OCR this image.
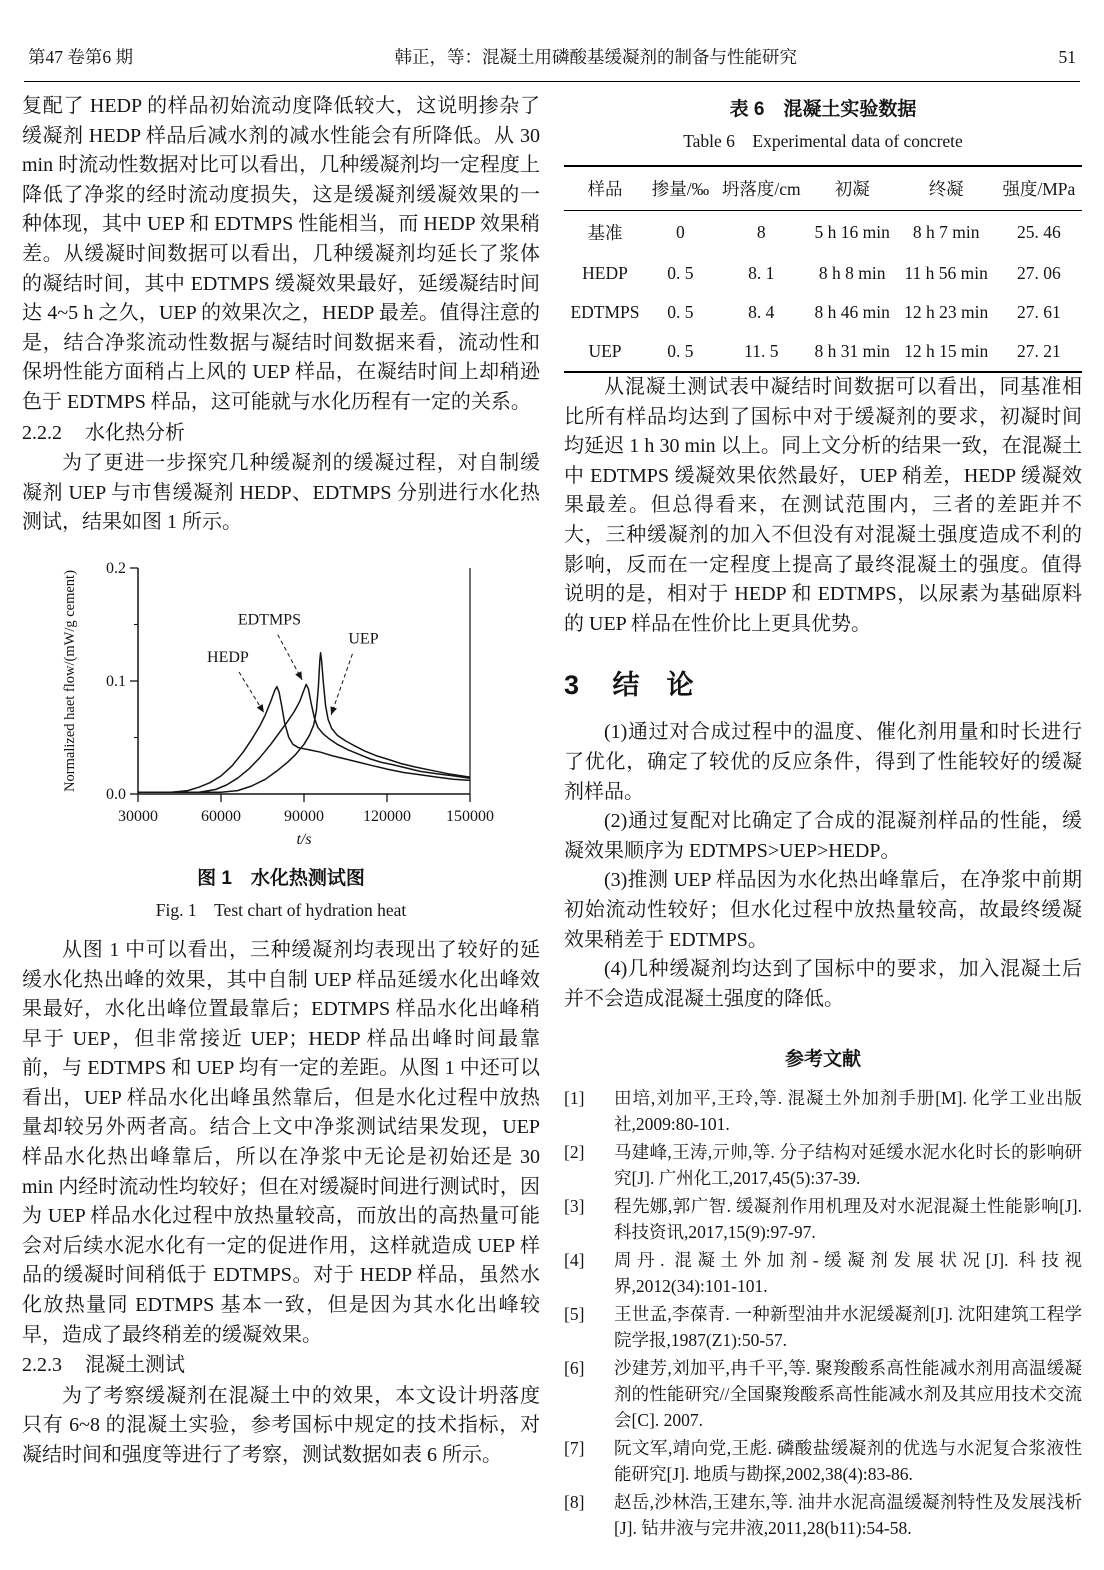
第47 卷第6 期	韩正，等：混凝土用磷酸基缓凝剂的制备与性能研究	51

复配了 HEDP 的样品初始流动度降低较大，这说明掺杂了缓凝剂 HEDP 样品后减水剂的减水性能会有所降低。从 30 min 时流动性数据对比可以看出，几种缓凝剂均一定程度上降低了净浆的经时流动度损失，这是缓凝剂缓凝效果的一种体现，其中 UEP 和 EDTMPS 性能相当，而 HEDP 效果稍差。从缓凝时间数据可以看出，几种缓凝剂均延长了浆体的凝结时间，其中 EDTMPS 缓凝效果最好，延缓凝结时间达 4~5 h 之久，UEP 的效果次之，HEDP 最差。值得注意的是，结合净浆流动性数据与凝结时间数据来看，流动性和保坍性能方面稍占上风的 UEP 样品，在凝结时间上却稍逊色于 EDTMPS 样品，这可能就与水化历程有一定的关系。

2.2.2 水化热分析

为了更进一步探究几种缓凝剂的缓凝过程，对自制缓凝剂 UEP 与市售缓凝剂 HEDP、EDTMPS 分别进行水化热测试，结果如图 1 所示。

0.0
0.1
0.2
30000	60000	90000 120000 150000
t/s
Normalized haet flow/(mW/g cement)	HEDP
EDTMPS
UEP
图 1　水化热测试图
Fig. 1　Test chart of hydration heat

从图 1 中可以看出，三种缓凝剂均表现出了较好的延缓水化热出峰的效果，其中自制 UEP 样品延缓水化出峰效果最好，水化出峰位置最靠后；EDTMPS 样品水化出峰稍早于 UEP，但非常接近 UEP；HEDP 样品出峰时间最靠前，与 EDTMPS 和 UEP 均有一定的差距。从图 1 中还可以看出，UEP 样品水化出峰虽然靠后，但是水化过程中放热量却较另外两者高。结合上文中净浆测试结果发现，UEP 样品水化热出峰靠后，所以在净浆中无论是初始还是 30 min 内经时流动性均较好；但在对缓凝时间进行测试时，因为 UEP 样品水化过程中放热量较高，而放出的高热量可能会对后续水泥水化有一定的促进作用，这样就造成 UEP 样品的缓凝时间稍低于 EDTMPS。对于 HEDP 样品，虽然水化放热量同 EDTMPS 基本一致，但是因为其水化出峰较早，造成了最终稍差的缓凝效果。

2.2.3 混凝土测试

为了考察缓凝剂在混凝土中的效果，本文设计坍落度只有 6~8 的混凝土实验，参考国标中规定的技术指标，对凝结时间和强度等进行了考察，测试数据如表 6 所示。

表 6　混凝土实验数据
Table 6　Experimental data of concrete
样品	掺量/‰	坍落度/cm	初凝	终凝	强度/MPa
基准	0	8	5 h 16 min	8 h 7 min	25. 46
HEDP	0. 5	8. 1	8 h 8 min	11 h 56 min	27. 06
EDTMPS	0. 5	8. 4	8 h 46 min	12 h 23 min	27. 61
UEP	0. 5	11. 5	8 h 31 min	12 h 15 min	27. 21

从混凝土测试表中凝结时间数据可以看出，同基准相比所有样品均达到了国标中对于缓凝剂的要求，初凝时间均延迟 1 h 30 min 以上。同上文分析的结果一致，在混凝土中 EDTMPS 缓凝效果依然最好，UEP 稍差，HEDP 缓凝效果最差。但总得看来，在测试范围内，三者的差距并不大，三种缓凝剂的加入不但没有对混凝土强度造成不利的影响，反而在一定程度上提高了最终混凝土的强度。值得说明的是，相对于 HEDP 和 EDTMPS，以尿素为基础原料的 UEP 样品在性价比上更具优势。

3 结　论

(1)通过对合成过程中的温度、催化剂用量和时长进行了优化，确定了较优的反应条件，得到了性能较好的缓凝剂样品。

(2)通过复配对比确定了合成的混凝剂样品的性能，缓凝效果顺序为 EDTMPS>UEP>HEDP。

(3)推测 UEP 样品因为水化热出峰靠后，在净浆中前期初始流动性较好；但水化过程中放热量较高，故最终缓凝效果稍差于 EDTMPS。

(4)几种缓凝剂均达到了国标中的要求，加入混凝土后并不会造成混凝土强度的降低。

参考文献
[1]	田培,刘加平,王玲,等. 混凝土外加剂手册[M]. 化学工业出版社,2009:80-101.
[2]	马建峰,王涛,亓帅,等. 分子结构对延缓水泥水化时长的影响研究[J]. 广州化工,2017,45(5):37-39.
[3]	程先娜,郭广智. 缓凝剂作用机理及对水泥混凝土性能影响[J]. 科技资讯,2017,15(9):97-97.
[4]	周丹. 混凝土外加剂-缓凝剂发展状况[J]. 科技视界,2012(34):101-101.
[5]	王世孟,李葆青. 一种新型油井水泥缓凝剂[J]. 沈阳建筑工程学院学报,1987(Z1):50-57.
[6]	沙建芳,刘加平,冉千平,等. 聚羧酸系高性能减水剂用高温缓凝剂的性能研究//全国聚羧酸系高性能减水剂及其应用技术交流会[C]. 2007.
[7]	阮文军,靖向党,王彪. 磷酸盐缓凝剂的优选与水泥复合浆液性能研究[J]. 地质与勘探,2002,38(4):83-86.
[8]	赵岳,沙林浩,王建东,等. 油井水泥高温缓凝剂特性及发展浅析[J]. 钻井液与完井液,2011,28(b11):54-58.
